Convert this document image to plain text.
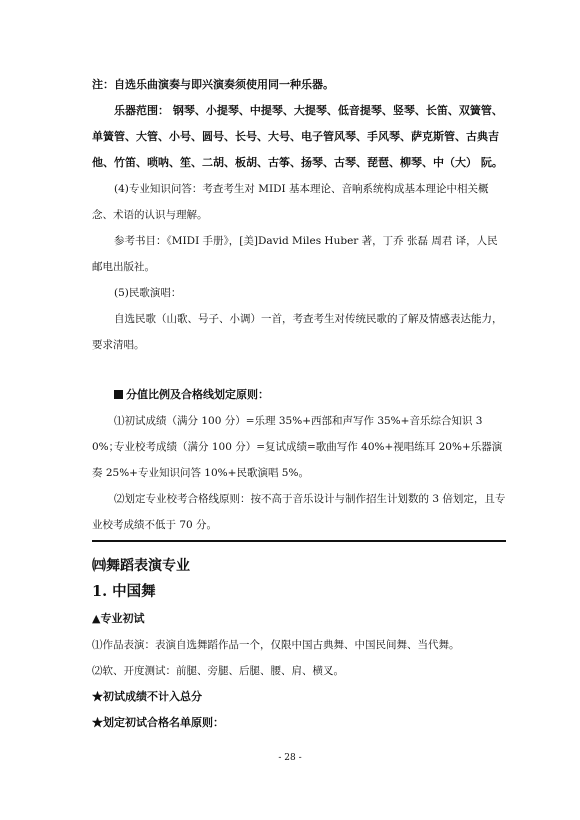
注：自选乐曲演奏与即兴演奏须使用同一种乐器。

乐器范围： 钢琴、小提琴、中提琴、大提琴、低音提琴、竖琴、长笛、双簧管、单簧管、大管、小号、圆号、长号、大号、电子管风琴、手风琴、萨克斯管、古典吉他、竹笛、唢呐、笙、二胡、板胡、古筝、扬琴、古琴、琵琶、柳琴、中（大） 阮。

(4)专业知识问答：考查考生对 MIDI 基本理论、音响系统构成基本理论中相关概念、术语的认识与理解。

参考书目：《MIDI 手册》，[美]David Miles Huber 著，丁乔 张磊 周君 译，人民邮电出版社。

(5)民歌演唱：

自选民歌（山歌、号子、小调）一首，考查考生对传统民歌的了解及情感表达能力，要求清唱。

分值比例及合格线划定原则：

⑴初试成绩（满分 100 分）=乐理 35%+西部和声写作 35%+音乐综合知识 30%；

专业校考成绩（满分 100 分）=复试成绩=歌曲写作 40%+视唱练耳 20%+乐器演奏 25%+专业知识问答 10%+民歌演唱 5%。

⑵划定专业校考合格线原则：按不高于音乐设计与制作招生计划数的 3 倍划定，且专业校考成绩不低于 70 分。

㈣舞蹈表演专业
1. 中国舞

▲专业初试

⑴作品表演：表演自选舞蹈作品一个，仅限中国古典舞、中国民间舞、当代舞。

⑵软、开度测试：前腿、旁腿、后腿、腰、肩、横叉。

★初试成绩不计入总分

★划定初试合格名单原则：

- 28 -
